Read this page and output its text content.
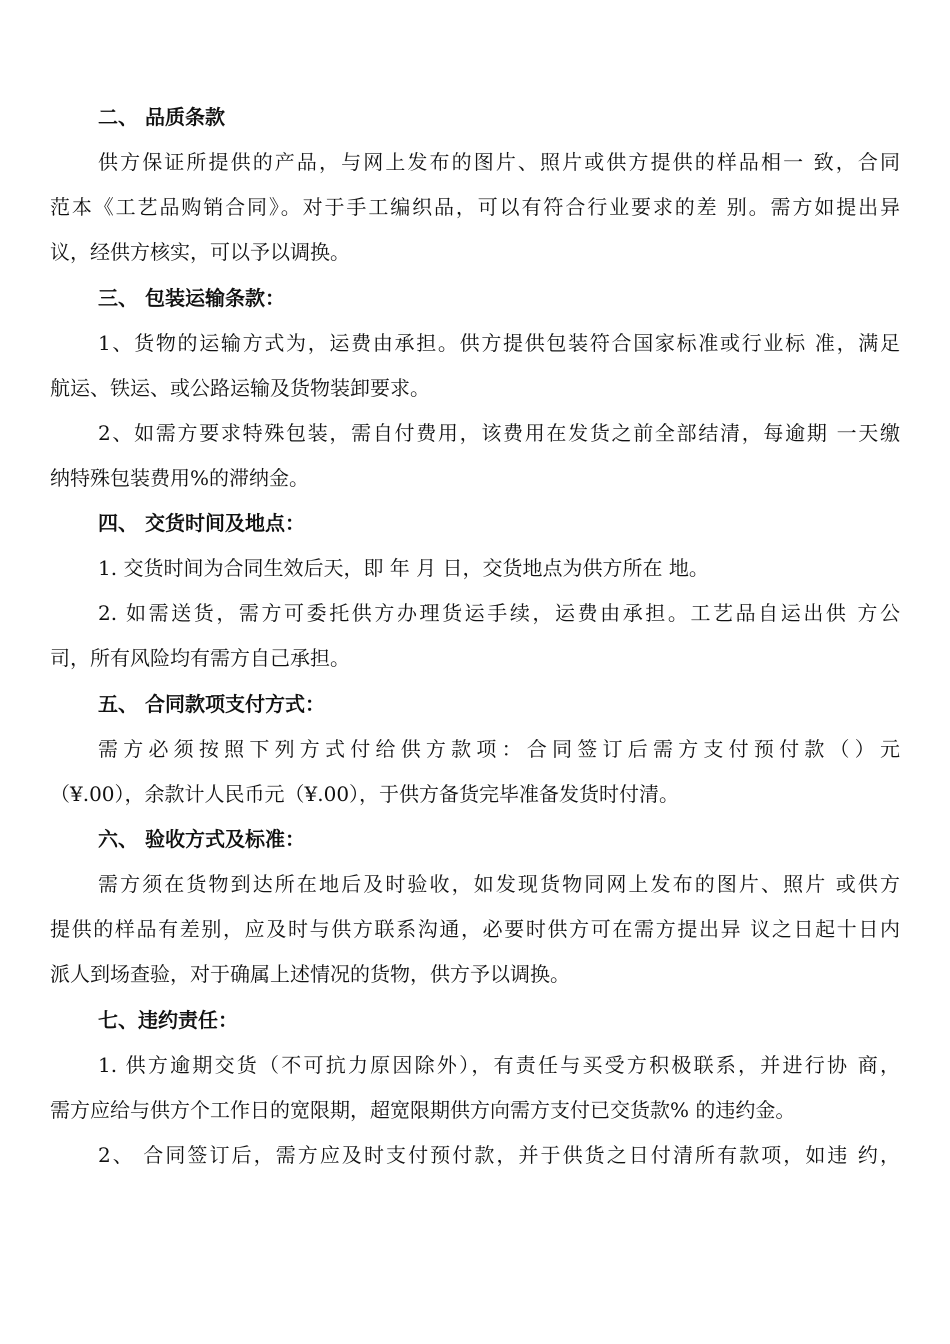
二、 品质条款
供方保证所提供的产品，与网上发布的图片、照片或供方提供的样品相一 致，合同
范本《工艺品购销合同》。对于手工编织品，可以有符合行业要求的差 别。需方如提出异
议，经供方核实，可以予以调换。
三、 包装运输条款：
1、货物的运输方式为，运费由承担。供方提供包装符合国家标准或行业标 准，满足
航运、铁运、或公路运输及货物装卸要求。
2、如需方要求特殊包装，需自付费用，该费用在发货之前全部结清，每逾期 一天缴
纳特殊包装费用%的滞纳金。
四、 交货时间及地点：
1. 交货时间为合同生效后天，即 年 月 日，交货地点为供方所在 地。
2. 如需送货，需方可委托供方办理货运手续，运费由承担。工艺品自运出供 方公
司，所有风险均有需方自己承担。
五、 合同款项支付方式：
需方必须按照下列方式付给供方款项：合同签订后需方支付预付款（）元
（¥.00），余款计人民币元（¥.00），于供方备货完毕准备发货时付清。
六、 验收方式及标准：
需方须在货物到达所在地后及时验收，如发现货物同网上发布的图片、照片 或供方
提供的样品有差别，应及时与供方联系沟通，必要时供方可在需方提出异 议之日起十日内
派人到场查验，对于确属上述情况的货物，供方予以调换。
七、违约责任：
1. 供方逾期交货（不可抗力原因除外），有责任与买受方积极联系，并进行协 商，
需方应给与供方个工作日的宽限期，超宽限期供方向需方支付已交货款% 的违约金。
2、 合同签订后，需方应及时支付预付款，并于供货之日付清所有款项，如违 约，
